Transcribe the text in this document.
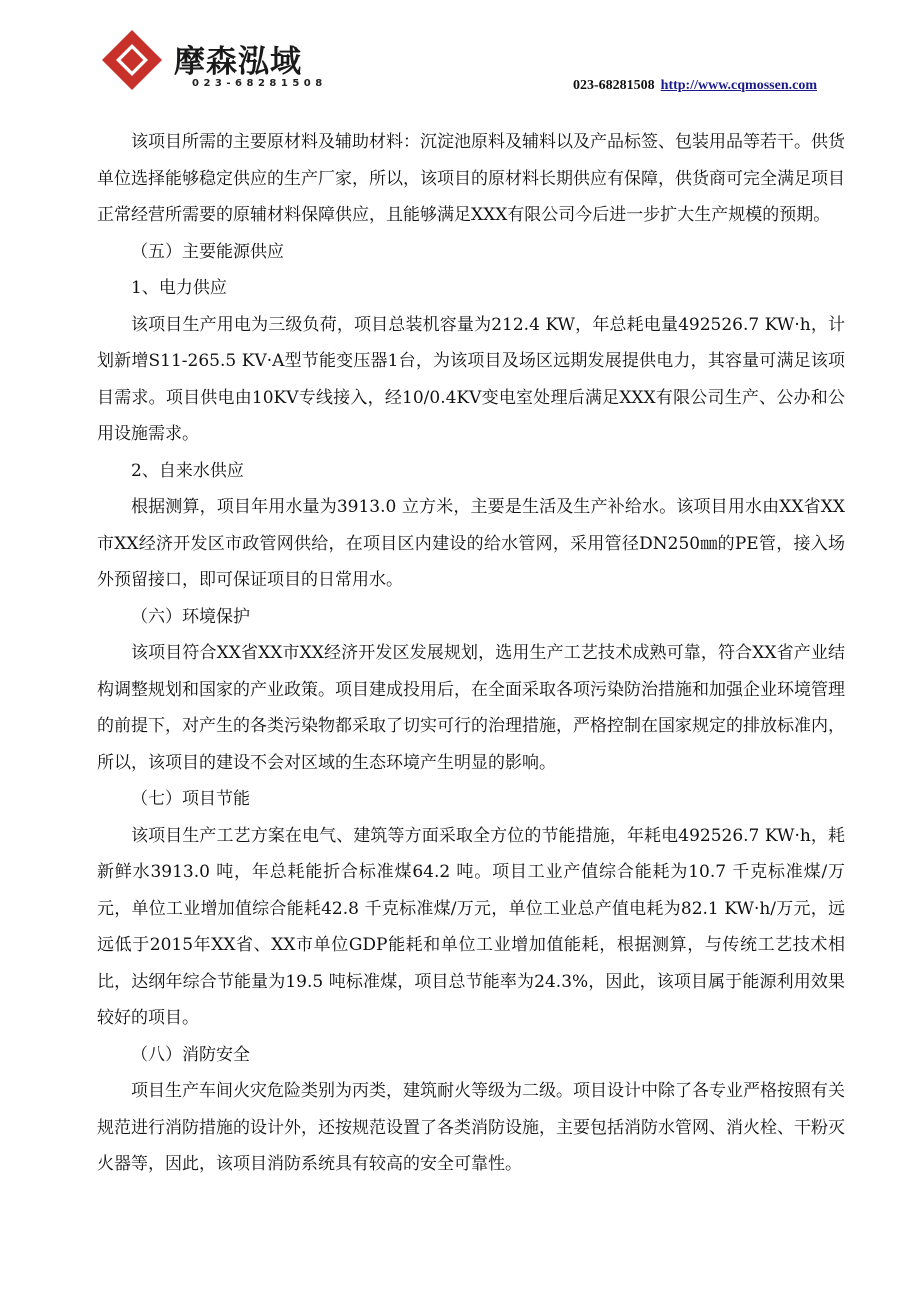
摩森泓域
023-68281508	023-68281508 http://www.cqmossen.com

该项目所需的主要原材料及辅助材料：沉淀池原料及辅料以及产品标签、包装用品等若干。供货单位选择能够稳定供应的生产厂家，所以，该项目的原材料长期供应有保障，供货商可完全满足项目正常经营所需要的原辅材料保障供应，且能够满足XXX有限公司今后进一步扩大生产规模的预期。

（五）主要能源供应

1、电力供应

该项目生产用电为三级负荷，项目总装机容量为212.4 KW，年总耗电量492526.7 KW·h，计划新增S11-265.5 KV·A型节能变压器1台，为该项目及场区远期发展提供电力，其容量可满足该项目需求。项目供电由10KV专线接入，经10/0.4KV变电室处理后满足XXX有限公司生产、公办和公用设施需求。

2、自来水供应

根据测算，项目年用水量为3913.0 立方米，主要是生活及生产补给水。该项目用水由XX省XX市XX经济开发区市政管网供给，在项目区内建设的给水管网，采用管径DN250㎜的PE管，接入场外预留接口，即可保证项目的日常用水。

（六）环境保护

该项目符合XX省XX市XX经济开发区发展规划，选用生产工艺技术成熟可靠，符合XX省产业结构调整规划和国家的产业政策。项目建成投用后，在全面采取各项污染防治措施和加强企业环境管理的前提下，对产生的各类污染物都采取了切实可行的治理措施，严格控制在国家规定的排放标准内，所以，该项目的建设不会对区域的生态环境产生明显的影响。

（七）项目节能

该项目生产工艺方案在电气、建筑等方面采取全方位的节能措施，年耗电492526.7 KW·h，耗新鲜水3913.0 吨，年总耗能折合标准煤64.2 吨。项目工业产值综合能耗为10.7 千克标准煤/万元，单位工业增加值综合能耗42.8 千克标准煤/万元，单位工业总产值电耗为82.1 KW·h/万元，远远低于2015年XX省、XX市单位GDP能耗和单位工业增加值能耗，根据测算，与传统工艺技术相比，达纲年综合节能量为19.5 吨标准煤，项目总节能率为24.3%，因此，该项目属于能源利用效果较好的项目。

（八）消防安全

项目生产车间火灾危险类别为丙类，建筑耐火等级为二级。项目设计中除了各专业严格按照有关规范进行消防措施的设计外，还按规范设置了各类消防设施，主要包括消防水管网、消火栓、干粉灭火器等，因此，该项目消防系统具有较高的安全可靠性。
